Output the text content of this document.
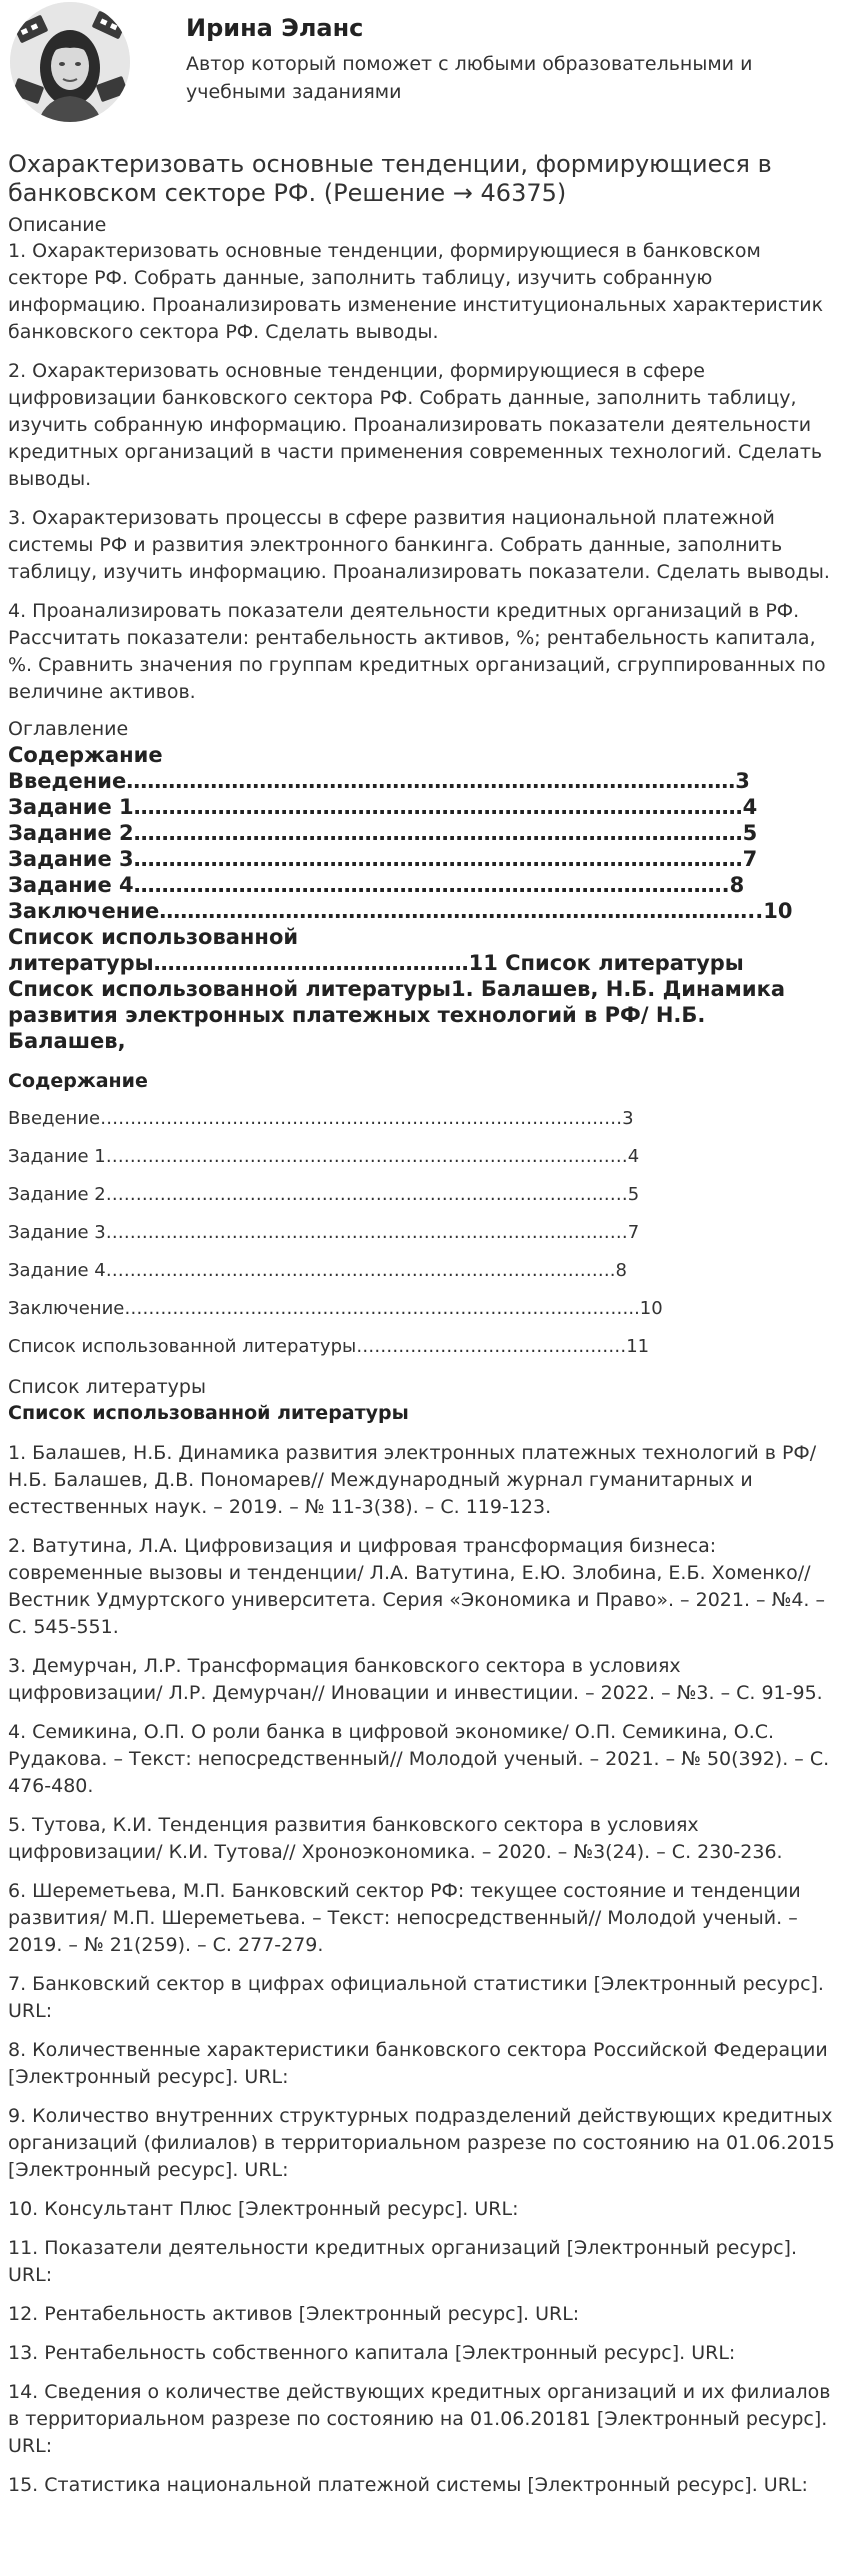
Ирина Эланс
Автор который поможет с любыми образовательными и учебными заданиями
Охарактеризовать основные тенденции, формирующиеся в банковском секторе РФ. (Решение → 46375)
Описание

1. Охарактеризовать основные тенденции, формирующиеся в банковском секторе РФ. Собрать данные, заполнить таблицу, изучить собранную информацию. Проанализировать изменение институциональных характеристик банковского сектора РФ. Сделать выводы.

2. Охарактеризовать основные тенденции, формирующиеся в сфере цифровизации банковского сектора РФ. Собрать данные, заполнить таблицу, изучить собранную информацию. Проанализировать показатели деятельности кредитных организаций в части применения современных технологий. Сделать выводы.

3. Охарактеризовать процессы в сфере развития национальной платежной системы РФ и развития электронного банкинга. Собрать данные, заполнить таблицу, изучить информацию. Проанализировать показатели. Сделать выводы.

4. Проанализировать показатели деятельности кредитных организаций в РФ. Рассчитать показатели: рентабельность активов, %; рентабельность капитала, %. Сравнить значения по группам кредитных организаций, сгруппированных по величине активов.

Оглавление
Содержание
Введение……………………………………………………………………………3
Задание 1……………………………………………………………………………4
Задание 2……………………………………………………………………………5
Задание 3……………………………………………………………………………7
Задание 4………………………………………………………………………….8
Заключение…………………………………………………………………………..10
Список использованной
литературы………………………………………11 Список литературы
Список использованной литературы1. Балашев, Н.Б. Динамика
развития электронных платежных технологий в РФ/ Н.Б.
Балашев,
Содержание
Введение……………………………………………………………………………3
Задание 1……………………………………………………………………………4
Задание 2……………………………………………………………………………5
Задание 3……………………………………………………………………………7
Задание 4………………………………………………………………………….8
Заключение…………………………………………………………………………..10
Список использованной литературы………………………………………11
Список литературы
Список использованной литературы

1. Балашев, Н.Б. Динамика развития электронных платежных технологий в РФ/ Н.Б. Балашев, Д.В. Пономарев// Международный журнал гуманитарных и естественных наук. – 2019. – № 11-3(38). – С. 119-123.

2. Ватутина, Л.А. Цифровизация и цифровая трансформация бизнеса: современные вызовы и тенденции/ Л.А. Ватутина, Е.Ю. Злобина, Е.Б. Хоменко//Вестник Удмуртского университета. Серия «Экономика и Право». – 2021. – №4. – С. 545-551.

3. Демурчан, Л.Р. Трансформация банковского сектора в условиях цифровизации/ Л.Р. Демурчан// Иновации и инвестиции. – 2022. – №3. – С. 91-95.

4. Семикина, О.П. О роли банка в цифровой экономике/ О.П. Семикина, О.С. Рудакова. – Текст: непосредственный// Молодой ученый. – 2021. – № 50(392). – С. 476-480.

5. Тутова, К.И. Тенденция развития банковского сектора в условиях цифровизации/ К.И. Тутова// Хроноэкономика. – 2020. – №3(24). – С. 230-236.

6. Шереметьева, М.П. Банковский сектор РФ: текущее состояние и тенденции развития/ М.П. Шереметьева. – Текст: непосредственный// Молодой ученый. – 2019. – № 21(259). – С. 277-279.

7. Банковский сектор в цифрах официальной статистики [Электронный ресурс]. URL:

8. Количественные характеристики банковского сектора Российской Федерации [Электронный ресурс]. URL:

9. Количество внутренних структурных подразделений действующих кредитных организаций (филиалов) в территориальном разрезе по состоянию на 01.06.2015 [Электронный ресурс]. URL:

10. Консультант Плюс [Электронный ресурс]. URL:

11. Показатели деятельности кредитных организаций [Электронный ресурс]. URL:

12. Рентабельность активов [Электронный ресурс]. URL:

13. Рентабельность собственного капитала [Электронный ресурс]. URL:

14. Сведения о количестве действующих кредитных организаций и их филиалов в территориальном разрезе по состоянию на 01.06.20181 [Электронный ресурс]. URL:

15. Статистика национальной платежной системы [Электронный ресурс]. URL:
